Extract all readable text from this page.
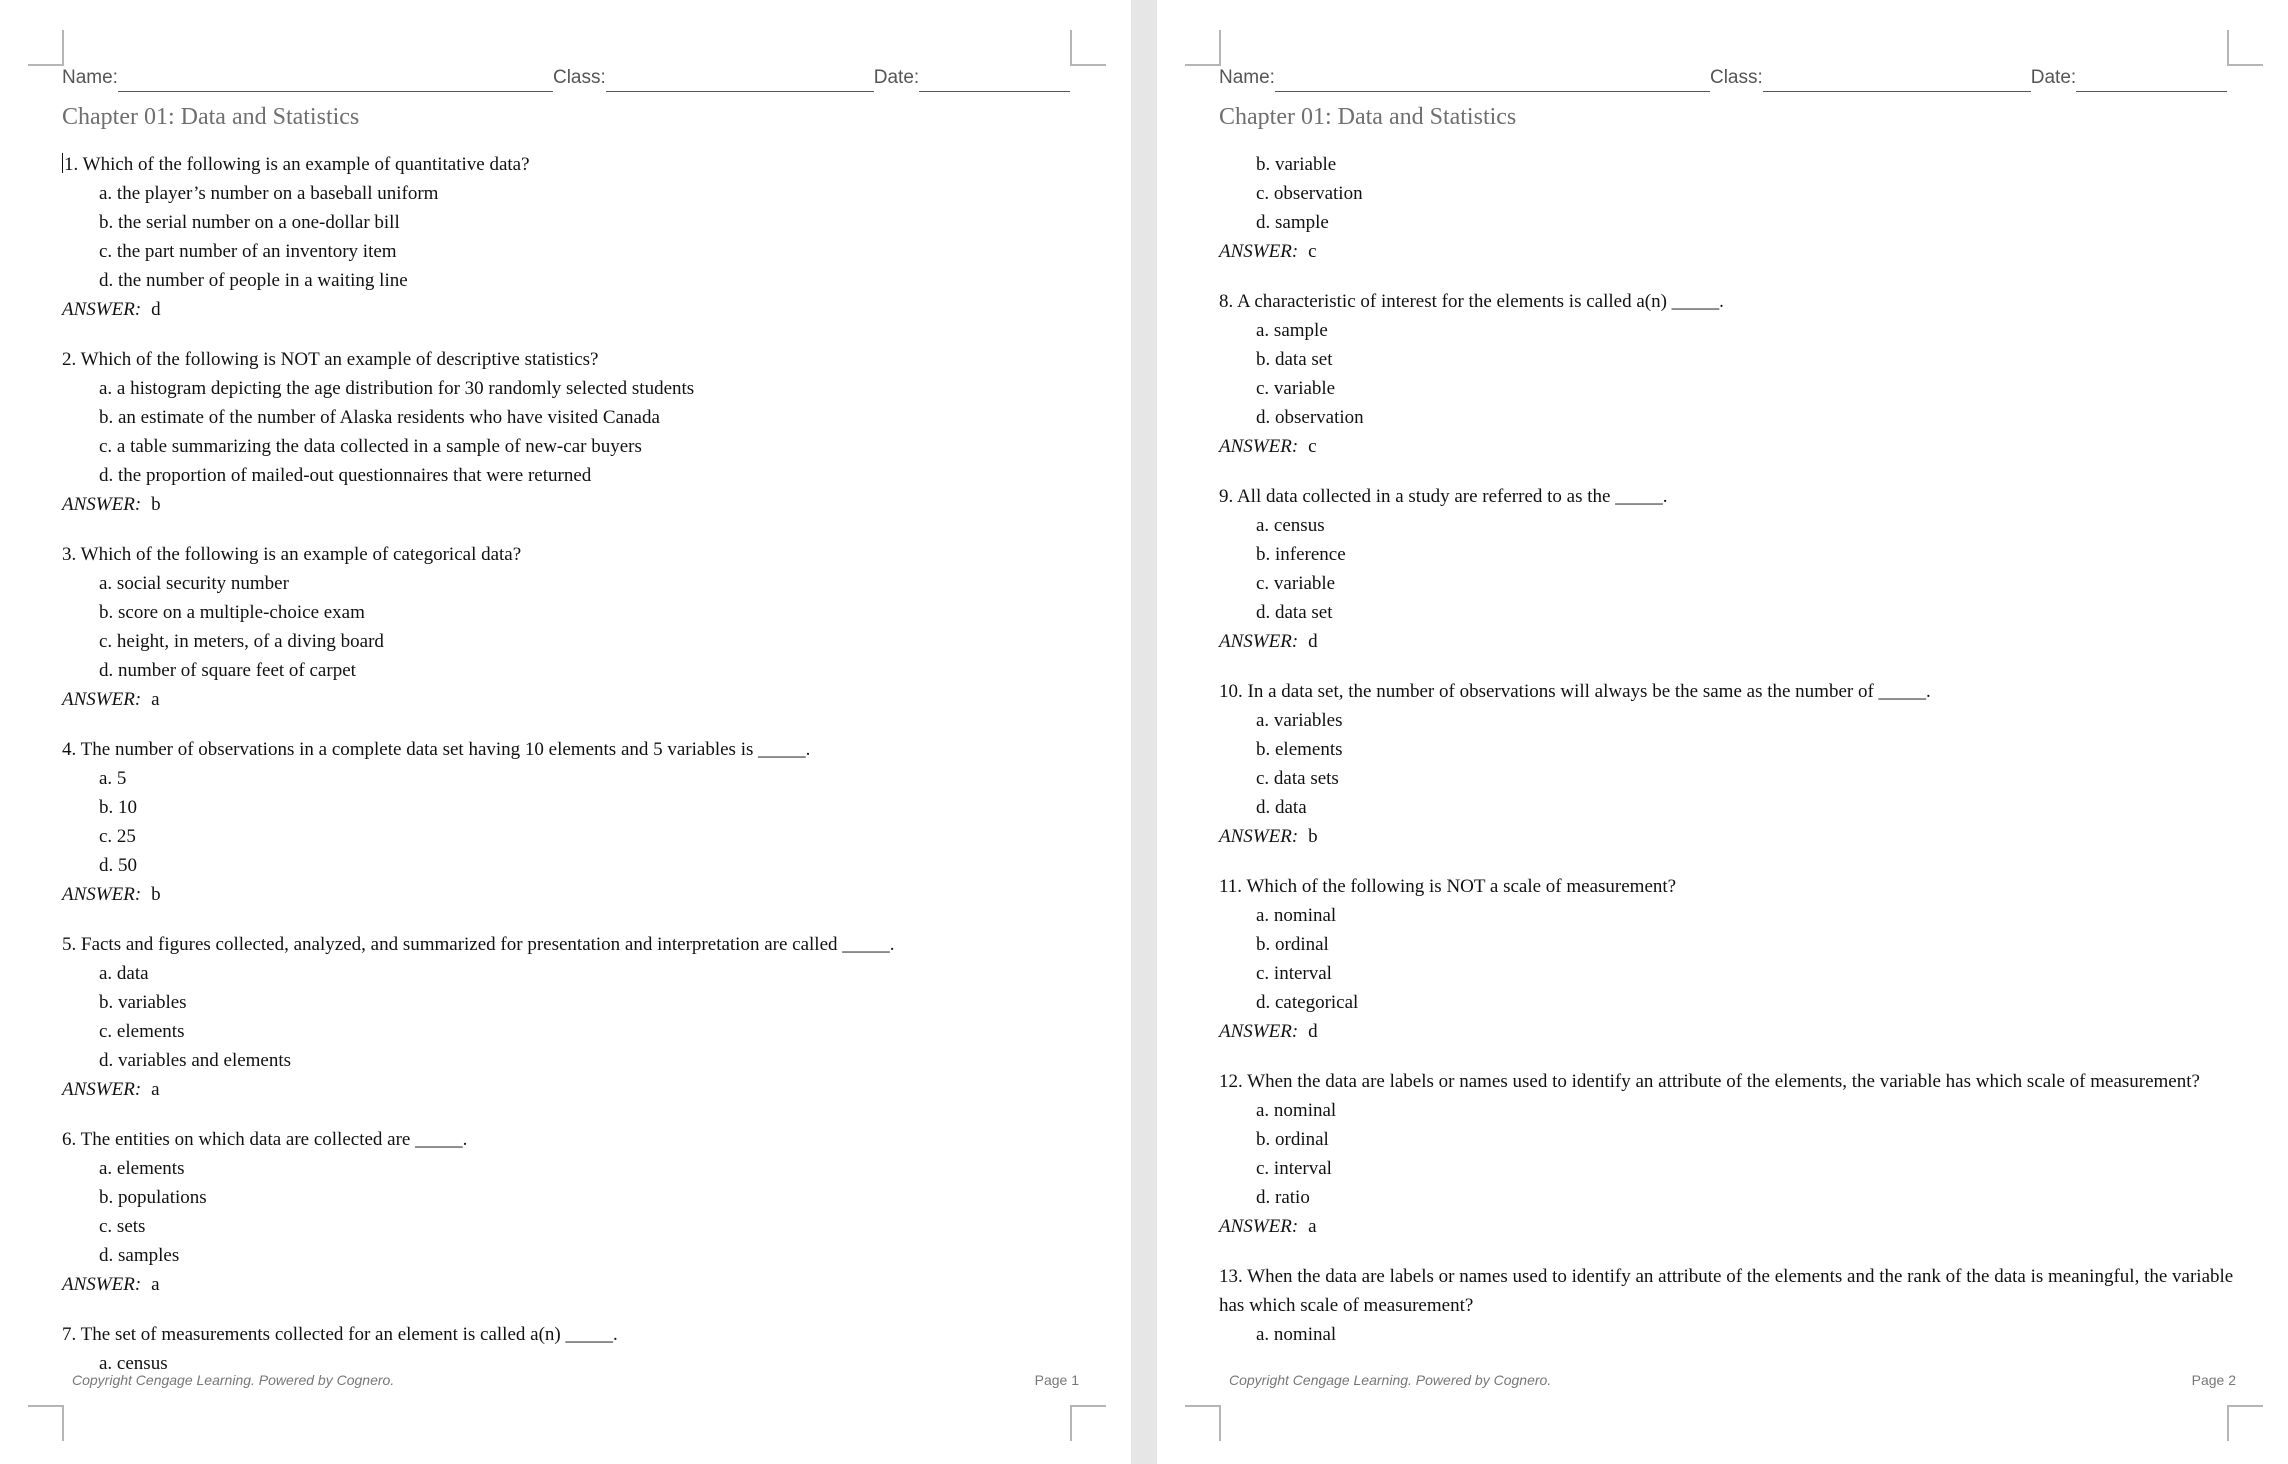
Name:	Class:	Date:
Chapter 01: Data and Statistics
1. Which of the following is an example of quantitative data?
a. the player’s number on a baseball uniform
b. the serial number on a one-dollar bill
c. the part number of an inventory item
d. the number of people in a waiting line
ANSWER: d
2. Which of the following is NOT an example of descriptive statistics?
a. a histogram depicting the age distribution for 30 randomly selected students
b. an estimate of the number of Alaska residents who have visited Canada
c. a table summarizing the data collected in a sample of new-car buyers
d. the proportion of mailed-out questionnaires that were returned
ANSWER: b
3. Which of the following is an example of categorical data?
a. social security number
b. score on a multiple-choice exam
c. height, in meters, of a diving board
d. number of square feet of carpet
ANSWER: a
4. The number of observations in a complete data set having 10 elements and 5 variables is _____.
a. 5
b. 10
c. 25
d. 50
ANSWER: b
5. Facts and figures collected, analyzed, and summarized for presentation and interpretation are called _____.
a. data
b. variables
c. elements
d. variables and elements
ANSWER: a
6. The entities on which data are collected are _____.
a. elements
b. populations
c. sets
d. samples
ANSWER: a
7. The set of measurements collected for an element is called a(n) _____.
a. census
Copyright Cengage Learning. Powered by Cognero.	Page 1
Name:	Class:	Date:
Chapter 01: Data and Statistics
b. variable
c. observation
d. sample
ANSWER: c
8. A characteristic of interest for the elements is called a(n) _____.
a. sample
b. data set
c. variable
d. observation
ANSWER: c
9. All data collected in a study are referred to as the _____.
a. census
b. inference
c. variable
d. data set
ANSWER: d
10. In a data set, the number of observations will always be the same as the number of _____.
a. variables
b. elements
c. data sets
d. data
ANSWER: b
11. Which of the following is NOT a scale of measurement?
a. nominal
b. ordinal
c. interval
d. categorical
ANSWER: d
12. When the data are labels or names used to identify an attribute of the elements, the variable has which scale of measurement?
a. nominal
b. ordinal
c. interval
d. ratio
ANSWER: a
13. When the data are labels or names used to identify an attribute of the elements and the rank of the data is meaningful, the variable has which scale of measurement?
a. nominal
Copyright Cengage Learning. Powered by Cognero.	Page 2
